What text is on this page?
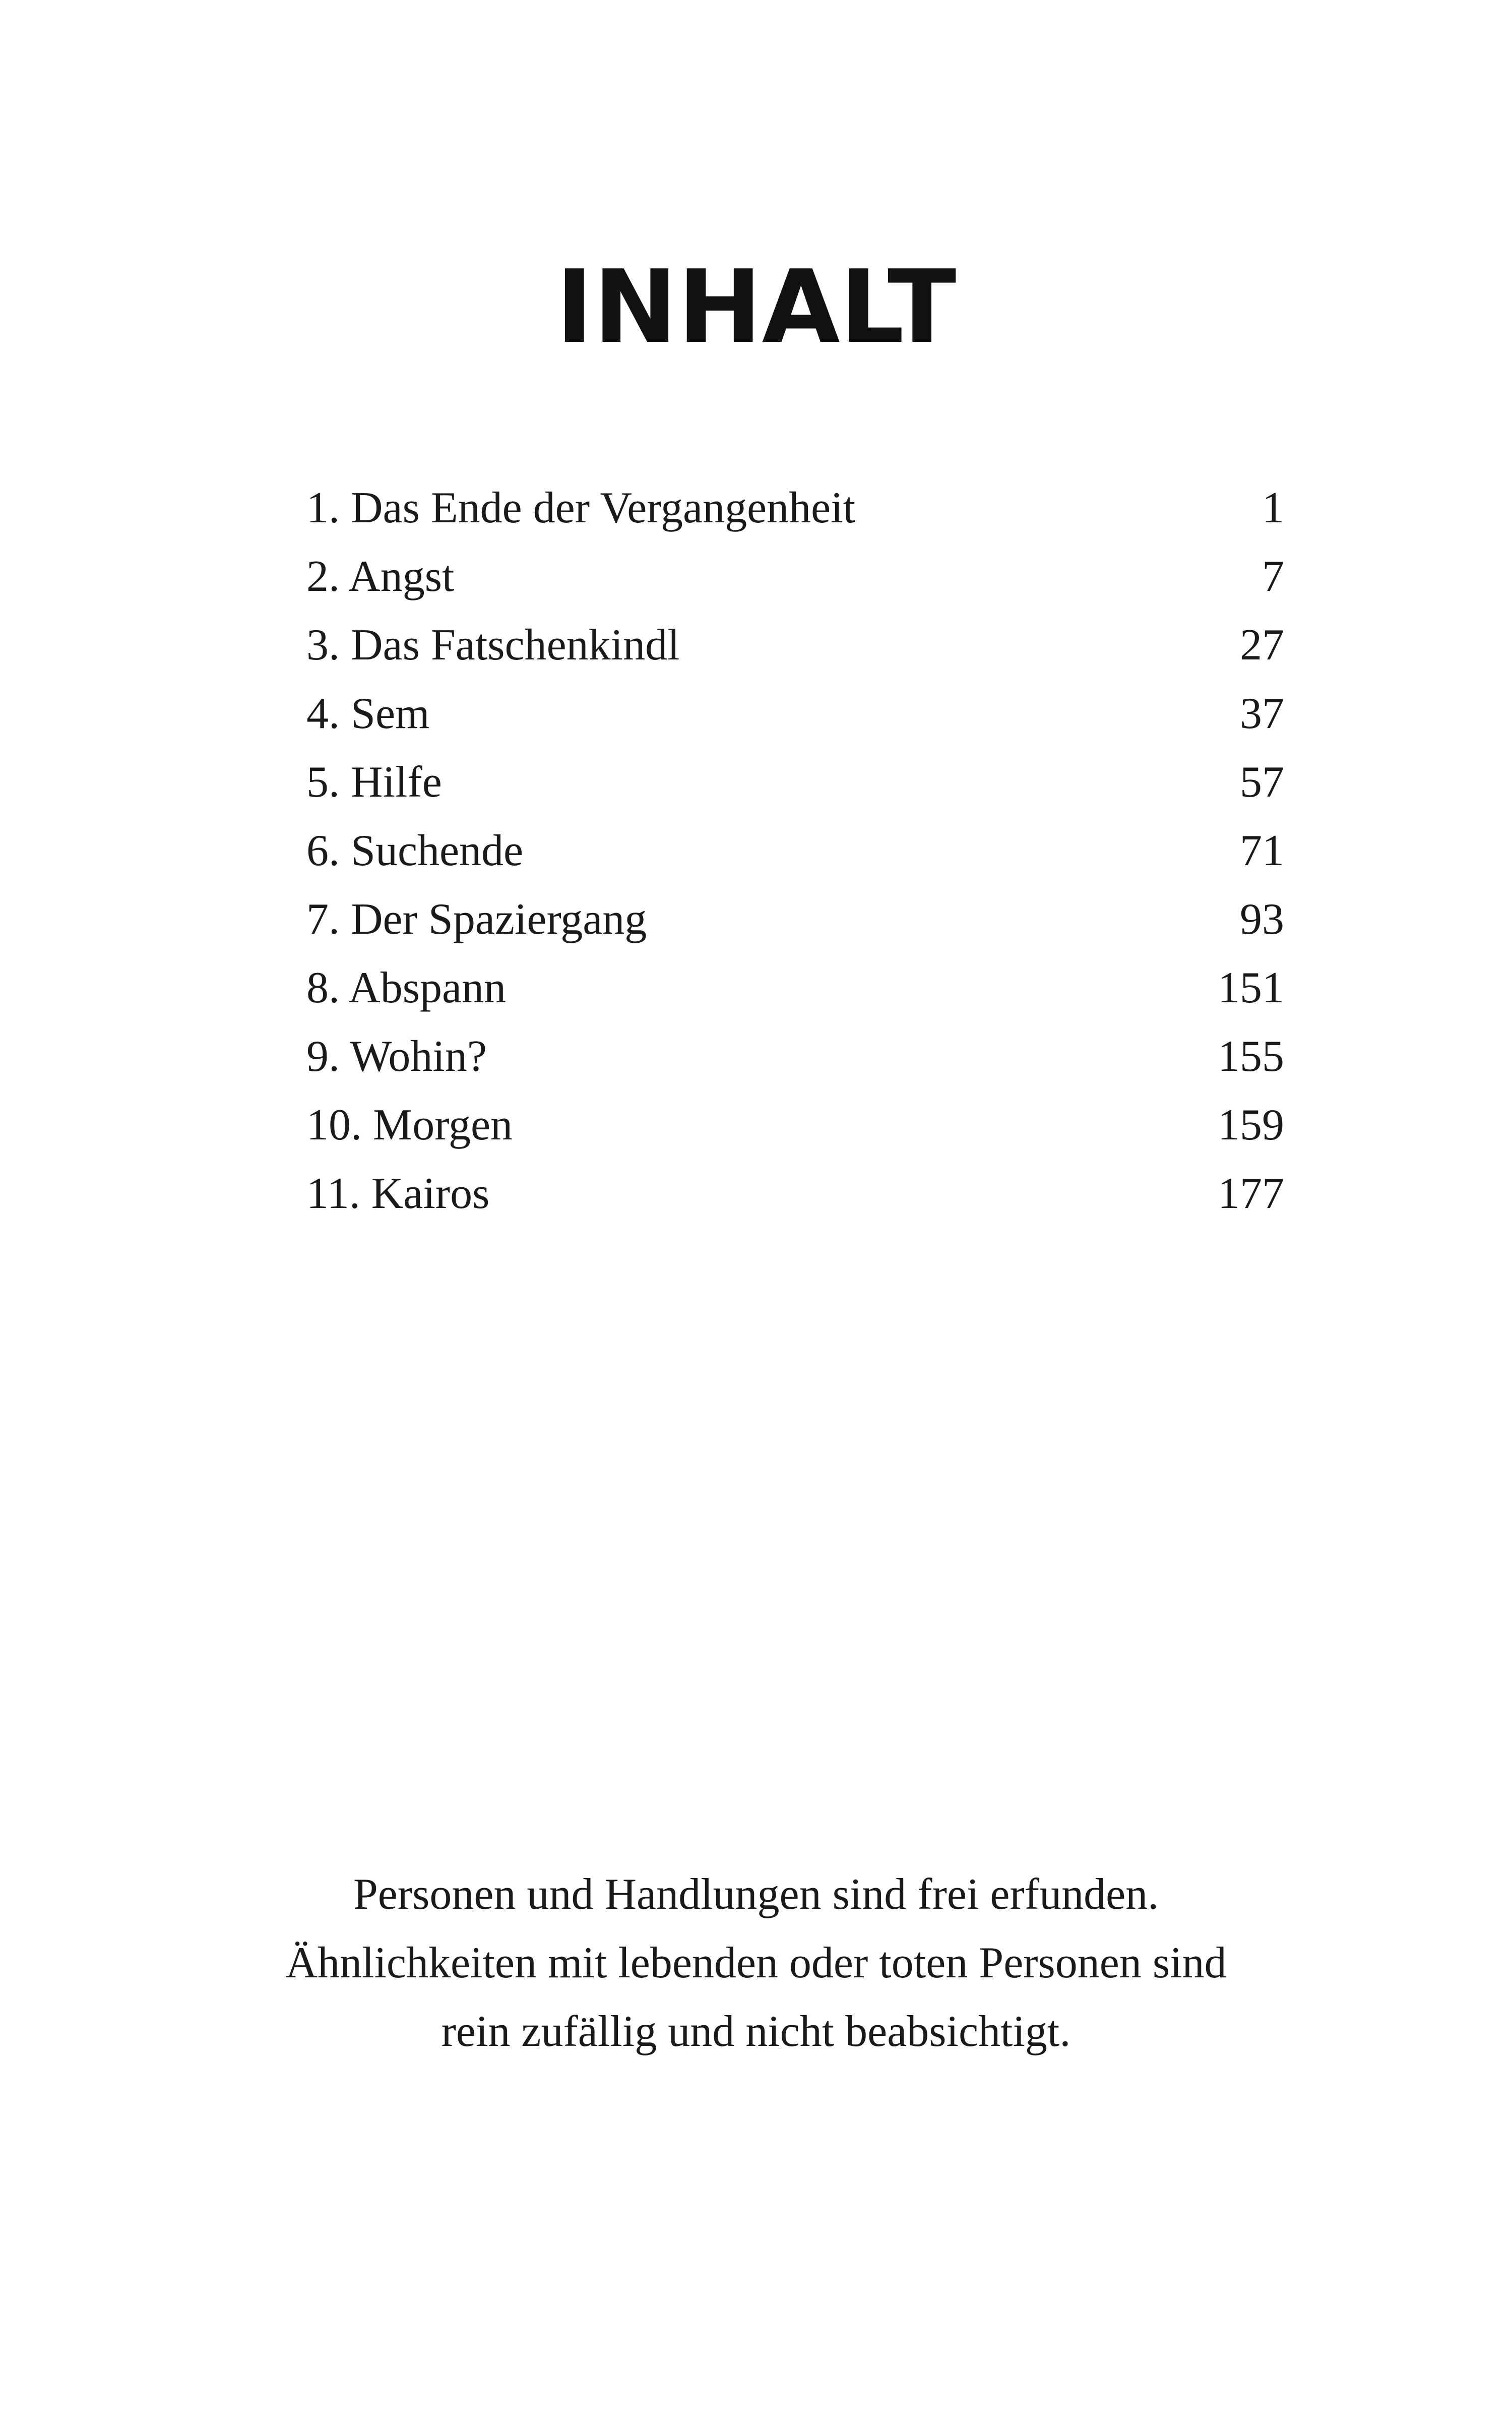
INHALT
1. Das Ende der Vergangenheit	1
2. Angst	7
3. Das Fatschenkindl	27
4. Sem	37
5. Hilfe	57
6. Suchende	71
7. Der Spaziergang	93
8. Abspann	151
9. Wohin?	155
10. Morgen	159
11. Kairos	177
Personen und Handlungen sind frei erfunden.
Ähnlichkeiten mit lebenden oder toten Personen sind
rein zufällig und nicht beabsichtigt.
